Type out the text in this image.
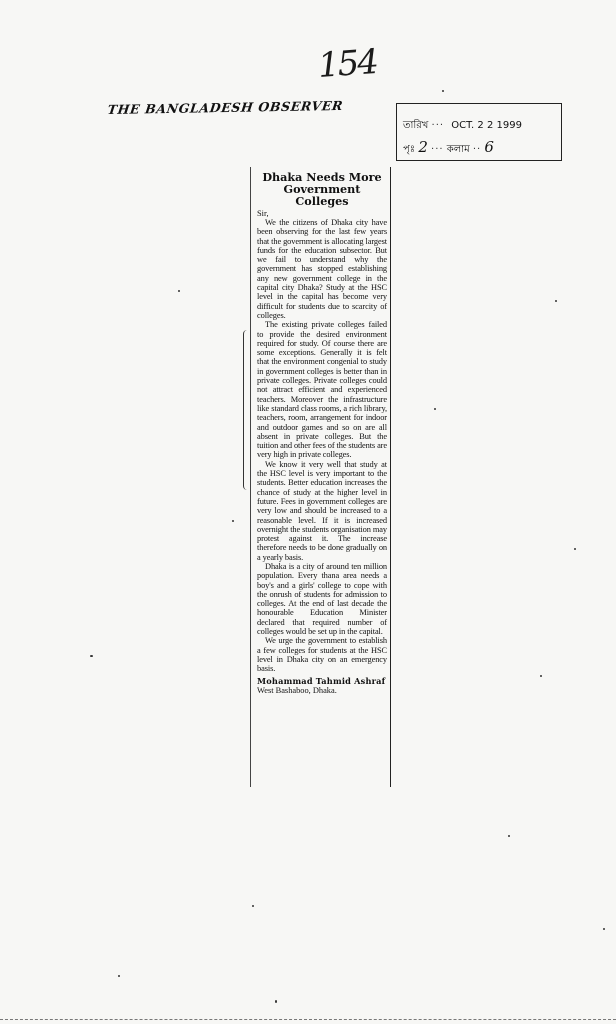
154
THE BANGLADESH OBSERVER
তারিখ ··· OCT. 2 2 1999
পৃঃ 2 ··· কলাম ·· 6
Dhaka Needs More Government Colleges
Sir,

We the citizens of Dhaka city have been observing for the last few years that the government is allocating largest funds for the education subsector. But we fail to understand why the government has stopped establishing any new government college in the capital city Dhaka? Study at the HSC level in the capital has become very difficult for students due to scarcity of colleges.

The existing private colleges failed to provide the desired environment required for study. Of course there are some exceptions. Generally it is felt that the environment congenial to study in government colleges is better than in private colleges. Private colleges could not attract efficient and experienced teachers. Moreover the infrastructure like standard class rooms, a rich library, teachers, room, arrangement for indoor and outdoor games and so on are all absent in private colleges. But the tuition and other fees of the students are very high in private colleges.

We know it very well that study at the HSC level is very important to the students. Better education increases the chance of study at the higher level in future. Fees in government colleges are very low and should be increased to a reasonable level. If it is increased overnight the students organisation may protest against it. The increase therefore needs to be done gradually on a yearly basis.

Dhaka is a city of around ten million population. Every thana area needs a boy's and a girls' college to cope with the onrush of students for admission to colleges. At the end of last decade the honourable Education Minister declared that required number of colleges would be set up in the capital.

We urge the government to establish a few colleges for students at the HSC level in Dhaka city on an emergency basis.

Mohammad Tahmid Ashraf
West Bashaboo, Dhaka.
